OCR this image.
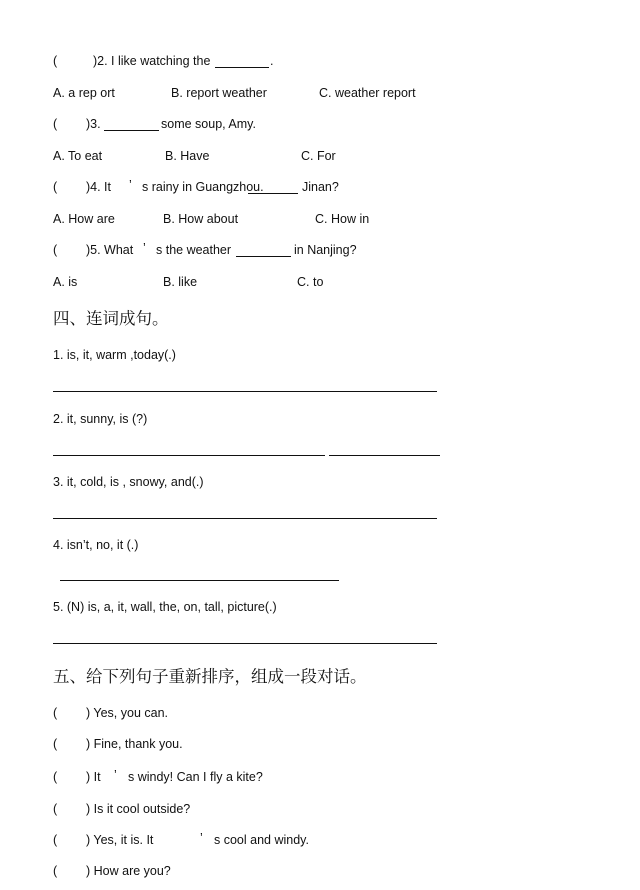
(	)2. I like watching the	.
A. a rep ort	B. report weather	C. weather report
( )3.	some soup, Amy.
A. To eat	B. Have	C. For
( )4. It ’ s rainy in Guangzhou.	Jinan?
A. How are	B. How about	C. How in
( )5. What ’ s the weather	in Nanjing?
A. is	B. like	C. to
四、连词成句。
1. is, it, warm ,today(.)
2. it, sunny, is (?)
3. it, cold, is , snowy, and(.)
4. isn’t, no, it (.)
5. (N) is, a, it, wall, the, on, tall, picture(.)
五、给下列句子重新排序，组成一段对话。
( ) Yes, you can.
( ) Fine, thank you.
( ) It ’ s windy! Can I fly a kite?
( ) Is it cool outside?
( ) Yes, it is. It	’ s cool and windy.
( ) How are you?
